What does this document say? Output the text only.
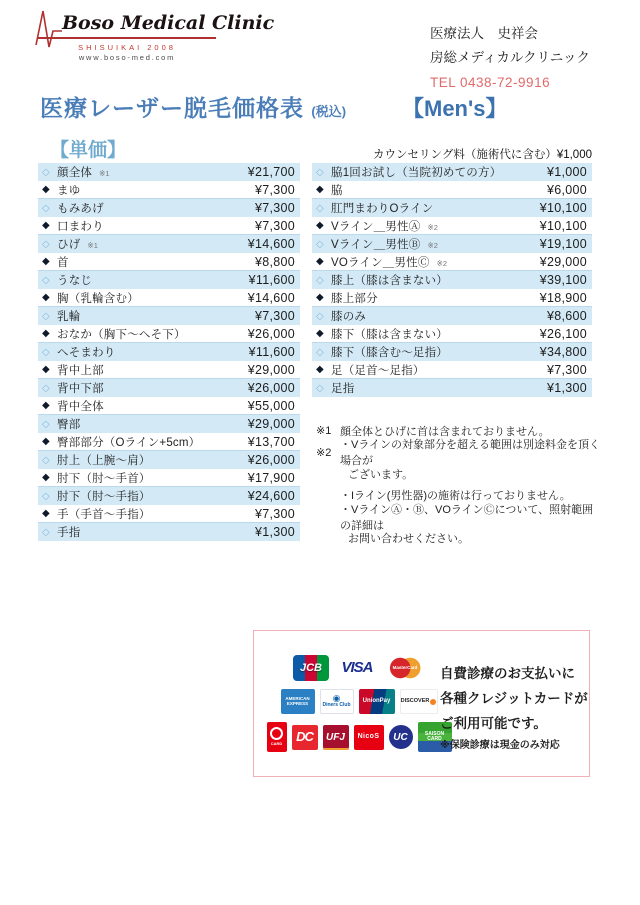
Boso Medical Clinic
SHISUIKAI 2008
www.boso-med.com
医療法人　史祥会
房総メディカルクリニック
TEL 0438-72-9916
医療レーザー脱毛価格表 (税込)	【Men's】
【単価】	カウンセリング料（施術代に含む）¥1,000
◇ 顔全体 ※1	¥21,700
◆ まゆ	¥7,300
◇ もみあげ	¥7,300
◆ 口まわり	¥7,300
◇ ひげ ※1	¥14,600
◆ 首	¥8,800
◇ うなじ	¥11,600
◆ 胸（乳輪含む）	¥14,600
◇ 乳輪	¥7,300
◆ おなか（胸下～へそ下）	¥26,000
◇ へそまわり	¥11,600
◆ 背中上部	¥29,000
◇ 背中下部	¥26,000
◆ 背中全体	¥55,000
◇ 臀部	¥29,000
◆ 臀部部分（Oライン+5cm）	¥13,700
◇ 肘上（上腕～肩）	¥26,000
◆ 肘下（肘～手首）	¥17,900
◇ 肘下（肘～手指）	¥24,600
◆ 手（手首～手指）	¥7,300
◇ 手指	¥1,300
◇ 脇1回お試し（当院初めての方）	¥1,000
◆ 脇	¥6,000
◇ 肛門まわりOライン	¥10,100
◆ Vライン＿男性Ⓐ ※2	¥10,100
◇ Vライン＿男性Ⓑ ※2	¥19,100
◆ VOライン＿男性Ⓒ ※2	¥29,000
◇ 膝上（膝は含まない）	¥39,100
◆ 膝上部分	¥18,900
◇ 膝のみ	¥8,600
◆ 膝下（膝は含まない）	¥26,100
◇ 膝下（膝含む～足指）	¥34,800
◆ 足（足首～足指）	¥7,300
◇ 足指	¥1,300
※1 顔全体とひげに首は含まれておりません。
※2
・Vラインの対象部分を超える範囲は別途料金を頂く場合が
ございます。
・Iライン(男性器)の施術は行っておりません。
・VラインⒶ・Ⓑ、VOラインⒸについて、照射範囲の詳細は
お問い合わせください。
JCB	VISA	MasterCard
AMERICAN EXPRESS	◉ Diners Club
UnionPay	DISCOVER
CARD	DC	UFJ	NicoS	UC	SAISON CARD
自費診療のお支払いに
各種クレジットカードが
ご利用可能です。
※保険診療は現金のみ対応
